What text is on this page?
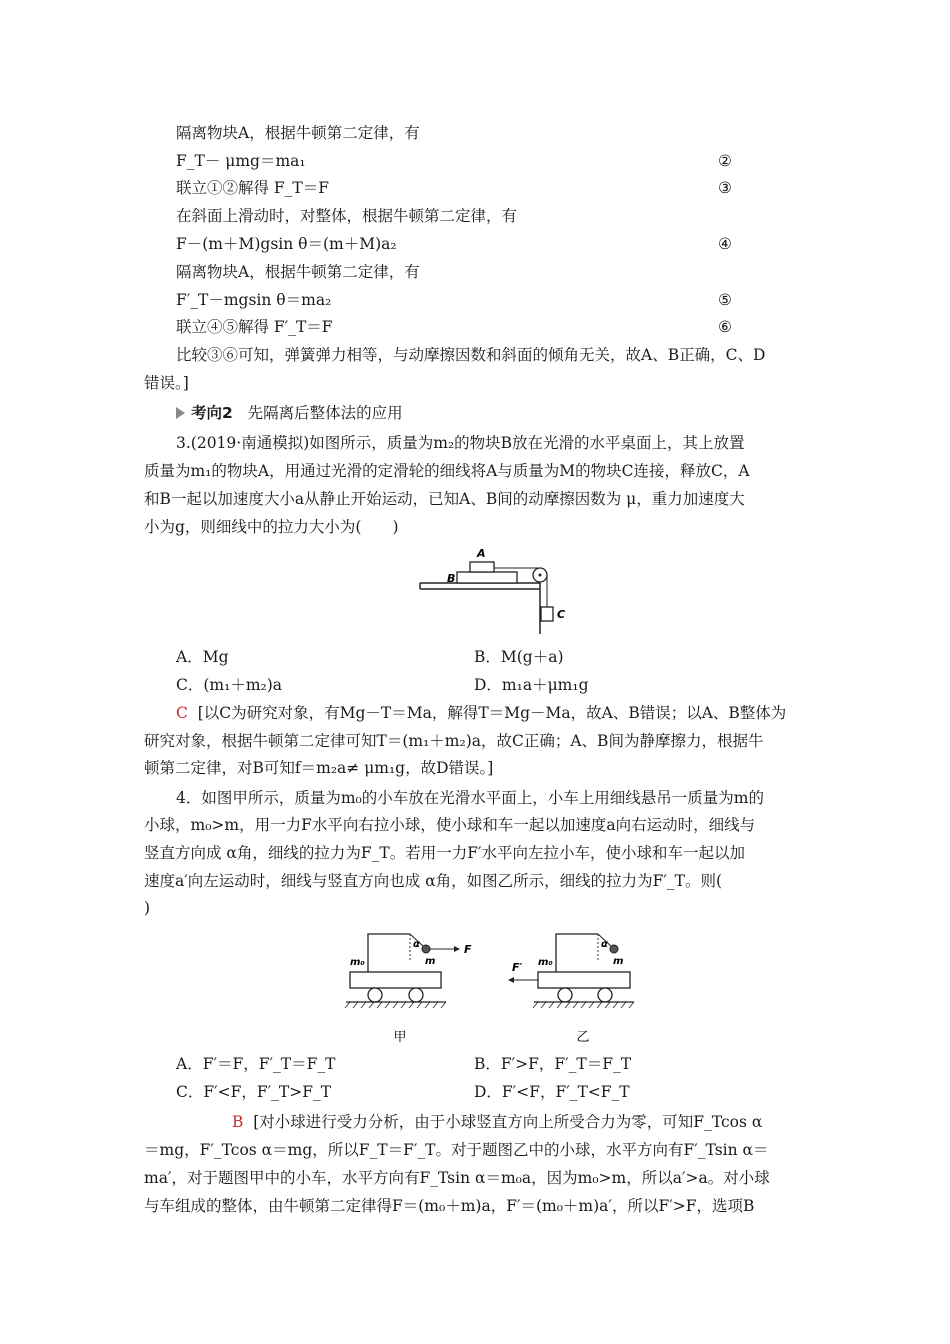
隔离物块A，根据牛顿第二定律，有
F_T－ μmg＝ma₁	②
联立①②解得 F_T＝F	③
在斜面上滑动时，对整体，根据牛顿第二定律，有
F－(m＋M)gsin θ＝(m＋M)a₂	④
隔离物块A，根据牛顿第二定律，有
F′_T－mgsin θ＝ma₂	⑤
联立④⑤解得 F′_T＝F	⑥
比较③⑥可知，弹簧弹力相等，与动摩擦因数和斜面的倾角无关，故A、B正确，C、D
错误。]
考向2 先隔离后整体法的应用
3.(2019·南通模拟)如图所示，质量为m₂的物块B放在光滑的水平桌面上，其上放置
质量为m₁的物块A，用通过光滑的定滑轮的细线将A与质量为M的物块C连接，释放C，A
和B一起以加速度大小a从静止开始运动，已知A、B间的动摩擦因数为 μ，重力加速度大
小为g，则细线中的拉力大小为(　　)
A
B
C
A．Mg	B．M(g＋a)
C．(m₁＋m₂)a	D．m₁a＋μm₁g
C [以C为研究对象，有Mg－T＝Ma，解得T＝Mg－Ma，故A、B错误；以A、B整体为
研究对象，根据牛顿第二定律可知T＝(m₁＋m₂)a，故C正确；A、B间为静摩擦力，根据牛
顿第二定律，对B可知f＝m₂a≠ μm₁g，故D错误。]
4．如图甲所示，质量为m₀的小车放在光滑水平面上，小车上用细线悬吊一质量为m的
小球，m₀>m，用一力F水平向右拉小球，使小球和车一起以加速度a向右运动时，细线与
竖直方向成 α角，细线的拉力为F_T。若用一力F′水平向左拉小车，使小球和车一起以加
速度a′向左运动时，细线与竖直方向也成 α角，如图乙所示，细线的拉力为F′_T。则(
)
α
m
F
m₀
甲
α
m
m₀
F′
乙
A．F′＝F，F′_T＝F_T	B．F′>F，F′_T＝F_T
C．F′<F，F′_T>F_T	D．F′<F，F′_T<F_T
B [对小球进行受力分析，由于小球竖直方向上所受合力为零，可知F_Tcos α
＝mg，F′_Tcos α＝mg，所以F_T＝F′_T。对于题图乙中的小球，水平方向有F′_Tsin α＝
ma′，对于题图甲中的小车，水平方向有F_Tsin α＝m₀a，因为m₀>m，所以a′>a。对小球
与车组成的整体，由牛顿第二定律得F＝(m₀＋m)a，F′＝(m₀＋m)a′，所以F′>F，选项B
